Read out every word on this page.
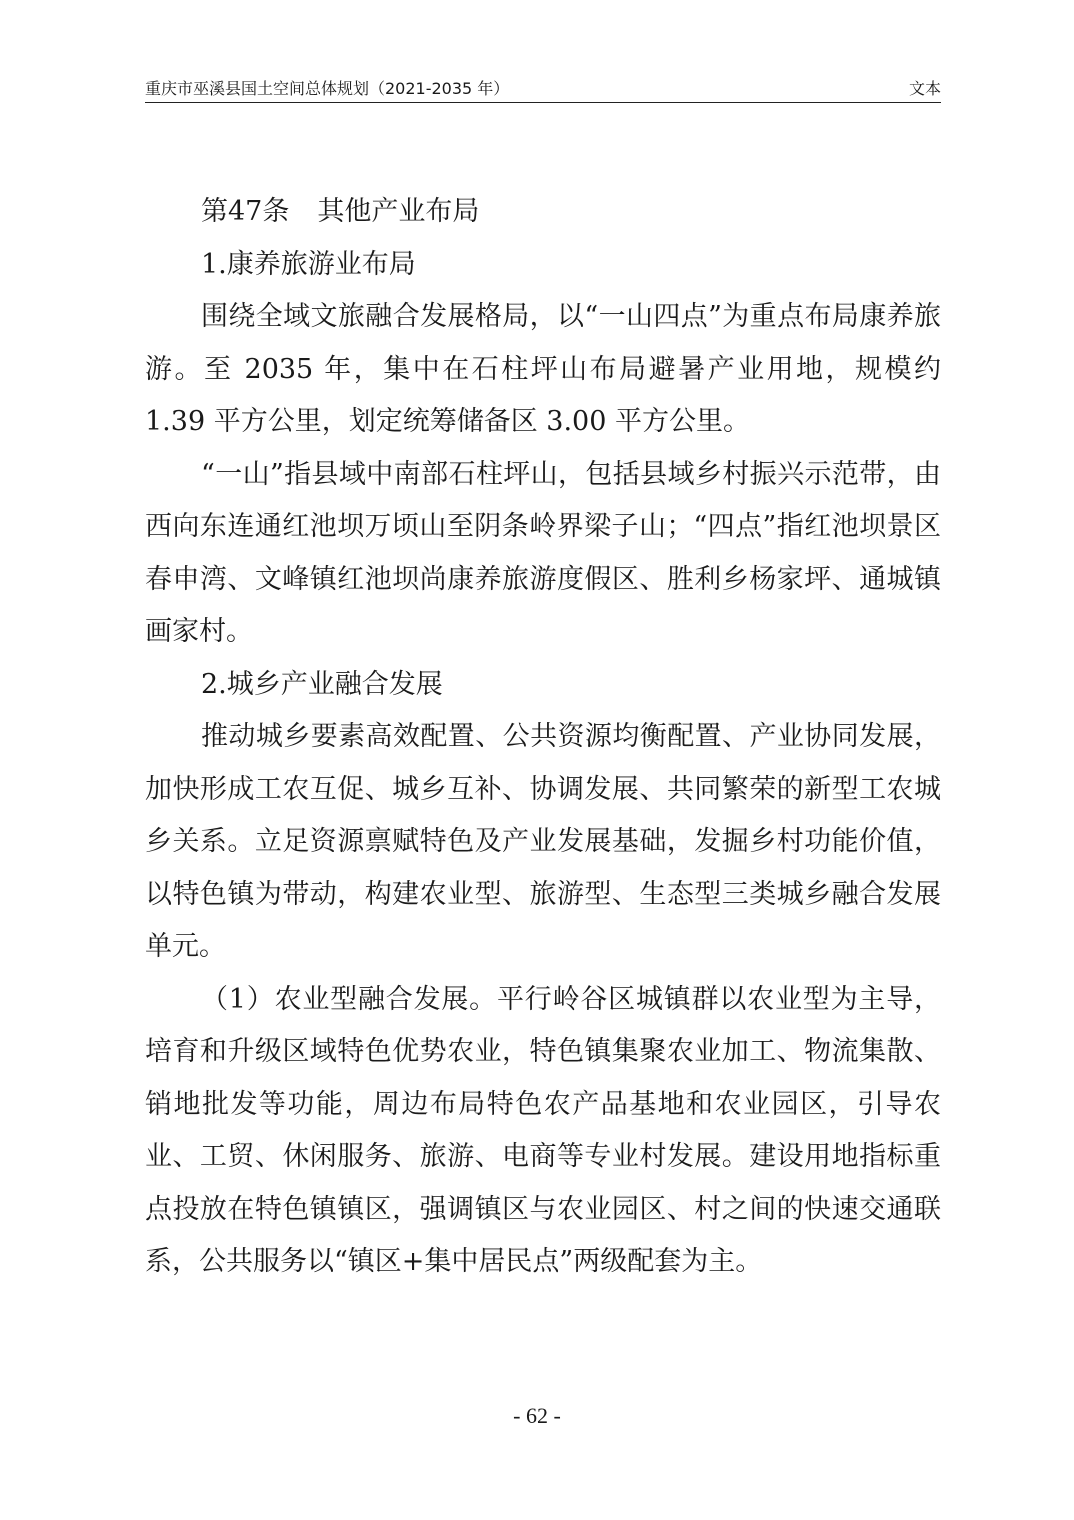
重庆市巫溪县国土空间总体规划（2021-2035 年）	文本

第47条 其他产业布局

1.康养旅游业布局

围绕全域文旅融合发展格局，以“一山四点”为重点布局康养旅游。至 2035 年，集中在石柱坪山布局避暑产业用地，规模约 1.39 平方公里，划定统筹储备区 3.00 平方公里。

“一山”指县域中南部石柱坪山，包括县域乡村振兴示范带，由西向东连通红池坝万顷山至阴条岭界梁子山；“四点”指红池坝景区春申湾、文峰镇红池坝尚康养旅游度假区、胜利乡杨家坪、通城镇画家村。

2.城乡产业融合发展

推动城乡要素高效配置、公共资源均衡配置、产业协同发展，加快形成工农互促、城乡互补、协调发展、共同繁荣的新型工农城乡关系。立足资源禀赋特色及产业发展基础，发掘乡村功能价值，以特色镇为带动，构建农业型、旅游型、生态型三类城乡融合发展单元。

（1）农业型融合发展。平行岭谷区城镇群以农业型为主导，培育和升级区域特色优势农业，特色镇集聚农业加工、物流集散、销地批发等功能，周边布局特色农产品基地和农业园区，引导农业、工贸、休闲服务、旅游、电商等专业村发展。建设用地指标重点投放在特色镇镇区，强调镇区与农业园区、村之间的快速交通联系，公共服务以“镇区+集中居民点”两级配套为主。

- 62 -
